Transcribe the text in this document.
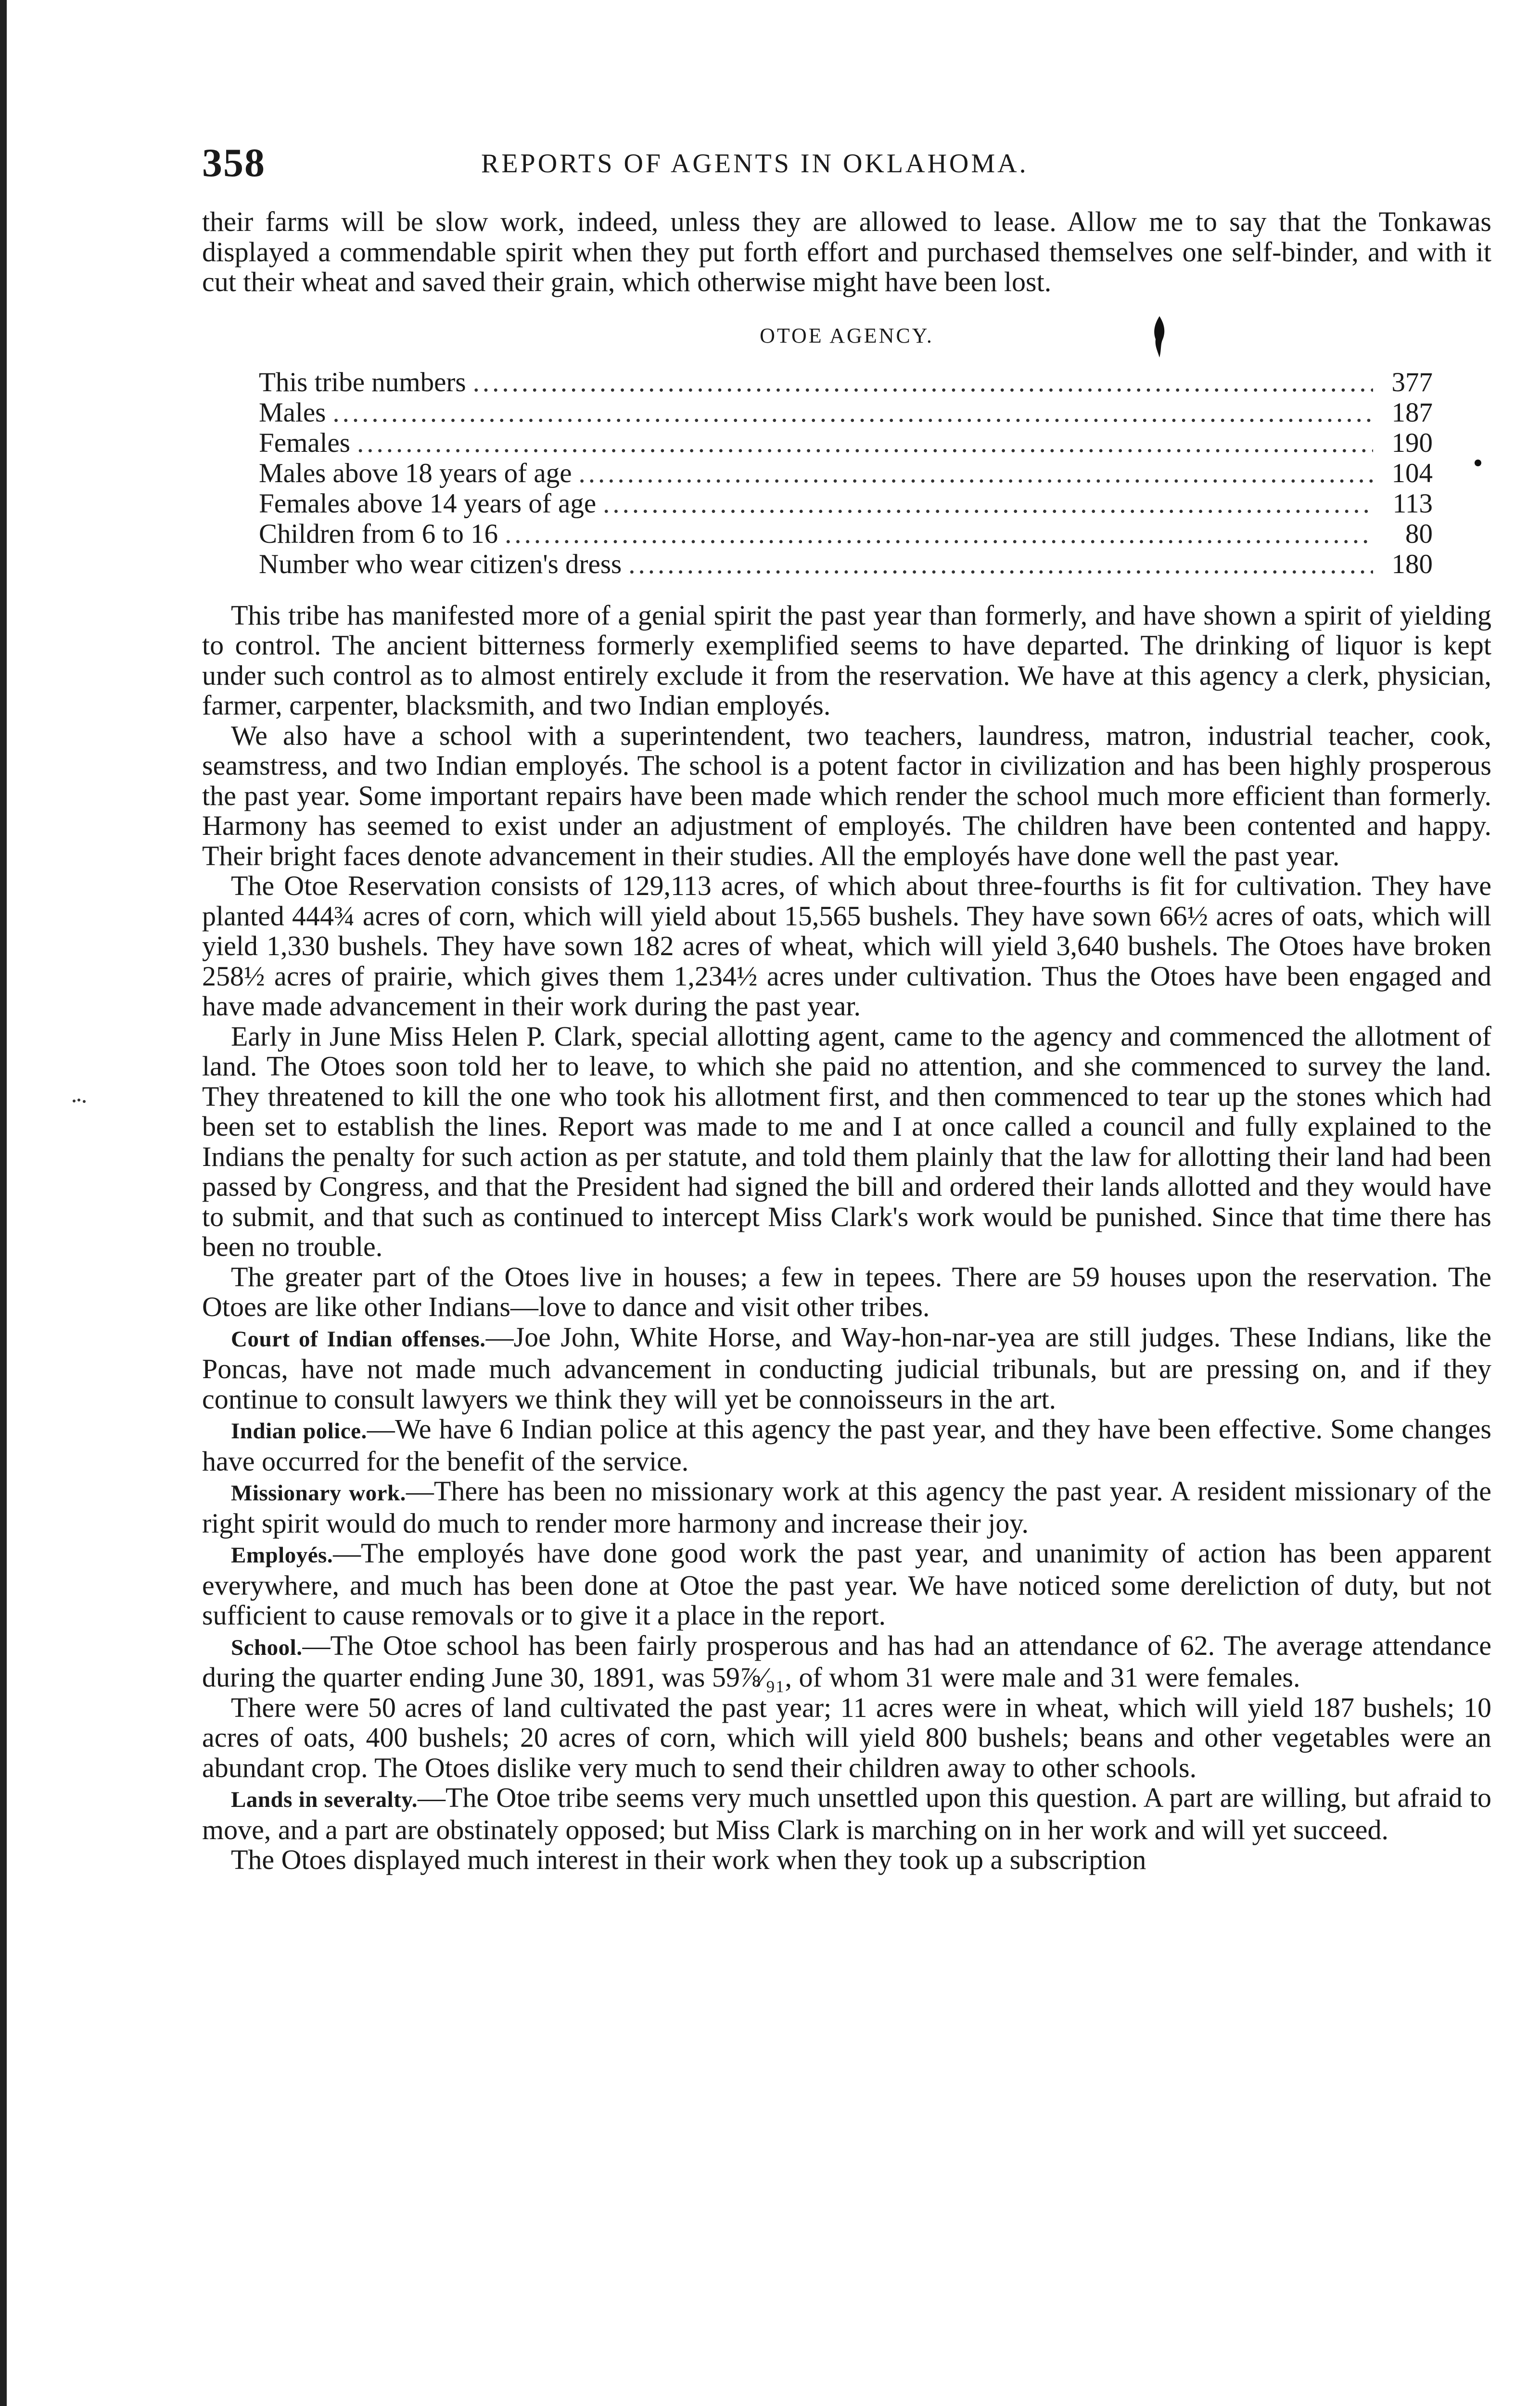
358	REPORTS OF AGENTS IN OKLAHOMA.

their farms will be slow work, indeed, unless they are allowed to lease. Allow me to say that the Tonkawas displayed a commendable spirit when they put forth effort and purchased themselves one self-binder, and with it cut their wheat and saved their grain, which otherwise might have been lost.

OTOE AGENCY.
This tribe numbers .....	377
Males .....	187
Females .....	190
Males above 18 years of age .....	104
Females above 14 years of age .....	113
Children from 6 to 16 .....	80
Number who wear citizen's dress .....	180

This tribe has manifested more of a genial spirit the past year than formerly, and have shown a spirit of yielding to control. The ancient bitterness formerly exemplified seems to have departed. The drinking of liquor is kept under such control as to almost entirely exclude it from the reservation. We have at this agency a clerk, physician, farmer, carpenter, blacksmith, and two Indian employés.

We also have a school with a superintendent, two teachers, laundress, matron, industrial teacher, cook, seamstress, and two Indian employés. The school is a potent factor in civilization and has been highly prosperous the past year. Some important repairs have been made which render the school much more efficient than formerly. Harmony has seemed to exist under an adjustment of employés. The children have been contented and happy. Their bright faces denote advancement in their studies. All the employés have done well the past year.

The Otoe Reservation consists of 129,113 acres, of which about three-fourths is fit for cultivation. They have planted 444¾ acres of corn, which will yield about 15,565 bushels. They have sown 66½ acres of oats, which will yield 1,330 bushels. They have sown 182 acres of wheat, which will yield 3,640 bushels. The Otoes have broken 258½ acres of prairie, which gives them 1,234½ acres under cultivation. Thus the Otoes have been engaged and have made advancement in their work during the past year.

Early in June Miss Helen P. Clark, special allotting agent, came to the agency and commenced the allotment of land. The Otoes soon told her to leave, to which she paid no attention, and she commenced to survey the land. They threatened to kill the one who took his allotment first, and then commenced to tear up the stones which had been set to establish the lines. Report was made to me and I at once called a council and fully explained to the Indians the penalty for such action as per statute, and told them plainly that the law for allotting their land had been passed by Congress, and that the President had signed the bill and ordered their lands allotted and they would have to submit, and that such as continued to intercept Miss Clark's work would be punished. Since that time there has been no trouble.

The greater part of the Otoes live in houses; a few in tepees. There are 59 houses upon the reservation. The Otoes are like other Indians—love to dance and visit other tribes.

Court of Indian offenses.—Joe John, White Horse, and Way-hon-nar-yea are still judges. These Indians, like the Poncas, have not made much advancement in conducting judicial tribunals, but are pressing on, and if they continue to consult lawyers we think they will yet be connoisseurs in the art.

Indian police.—We have 6 Indian police at this agency the past year, and they have been effective. Some changes have occurred for the benefit of the service.

Missionary work.—There has been no missionary work at this agency the past year. A resident missionary of the right spirit would do much to render more harmony and increase their joy.

Employés.—The employés have done good work the past year, and unanimity of action has been apparent everywhere, and much has been done at Otoe the past year. We have noticed some dereliction of duty, but not sufficient to cause removals or to give it a place in the report.

School.—The Otoe school has been fairly prosperous and has had an attendance of 62. The average attendance during the quarter ending June 30, 1891, was 59⅞⁄₉₁, of whom 31 were male and 31 were females.

There were 50 acres of land cultivated the past year; 11 acres were in wheat, which will yield 187 bushels; 10 acres of oats, 400 bushels; 20 acres of corn, which will yield 800 bushels; beans and other vegetables were an abundant crop. The Otoes dislike very much to send their children away to other schools.

Lands in severalty.—The Otoe tribe seems very much unsettled upon this question. A part are willing, but afraid to move, and a part are obstinately opposed; but Miss Clark is marching on in her work and will yet succeed.

The Otoes displayed much interest in their work when they took up a subscription
